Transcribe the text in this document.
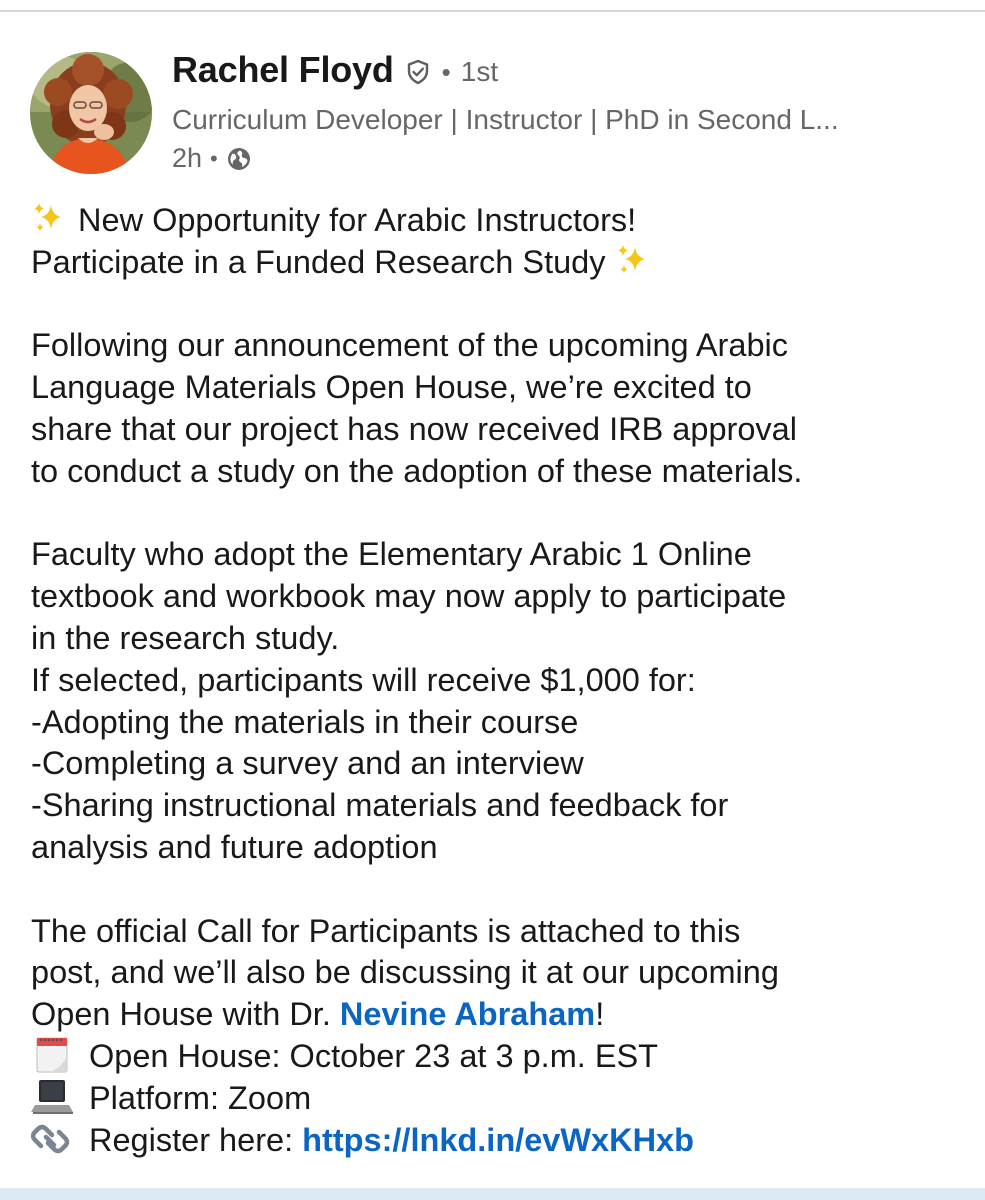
Rachel Floyd • 1st
Curriculum Developer | Instructor | PhD in Second L...
2h •
New Opportunity for Arabic Instructors!
Participate in a Funded Research Study
Following our announcement of the upcoming Arabic
Language Materials Open House, we’re excited to
share that our project has now received IRB approval
to conduct a study on the adoption of these materials.
Faculty who adopt the Elementary Arabic 1 Online
textbook and workbook may now apply to participate
in the research study.
If selected, participants will receive $1,000 for:
-Adopting the materials in their course
-Completing a survey and an interview
-Sharing instructional materials and feedback for
analysis and future adoption
The official Call for Participants is attached to this
post, and we’ll also be discussing it at our upcoming
Open House with Dr. Nevine Abraham!
Open House: October 23 at 3 p.m. EST
Platform: Zoom
Register here: https://lnkd.in/evWxKHxb
